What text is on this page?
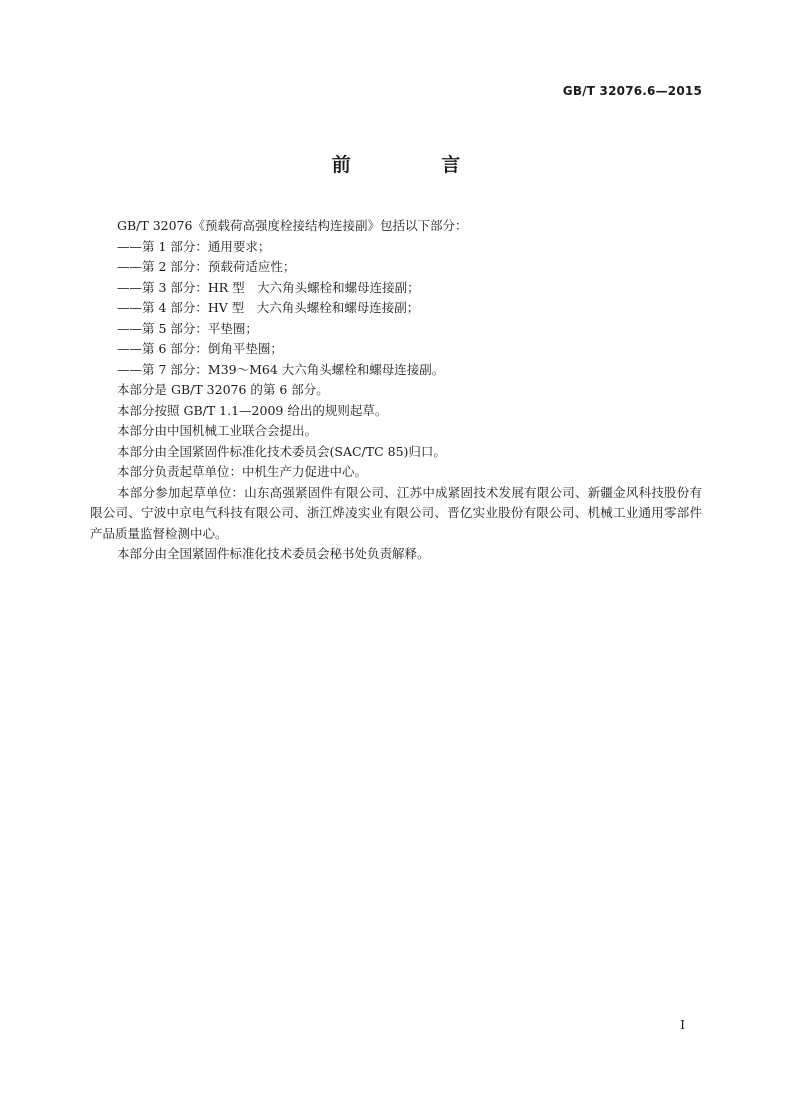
GB/T 32076.6—2015
前 言
GB/T 32076《预载荷高强度栓接结构连接副》包括以下部分：
——第 1 部分：通用要求；
——第 2 部分：预载荷适应性；
——第 3 部分：HR 型　大六角头螺栓和螺母连接副；
——第 4 部分：HV 型　大六角头螺栓和螺母连接副；
——第 5 部分：平垫圈；
——第 6 部分：倒角平垫圈；
——第 7 部分：M39～M64 大六角头螺栓和螺母连接副。
本部分是 GB/T 32076 的第 6 部分。
本部分按照 GB/T 1.1—2009 给出的规则起草。
本部分由中国机械工业联合会提出。
本部分由全国紧固件标准化技术委员会(SAC/TC 85)归口。
本部分负责起草单位：中机生产力促进中心。
本部分参加起草单位：山东高强紧固件有限公司、江苏中成紧固技术发展有限公司、新疆金风科技股份有限公司、宁波中京电气科技有限公司、浙江烨凌实业有限公司、晋亿实业股份有限公司、机械工业通用零部件产品质量监督检测中心。
本部分由全国紧固件标准化技术委员会秘书处负责解释。
Ⅰ
